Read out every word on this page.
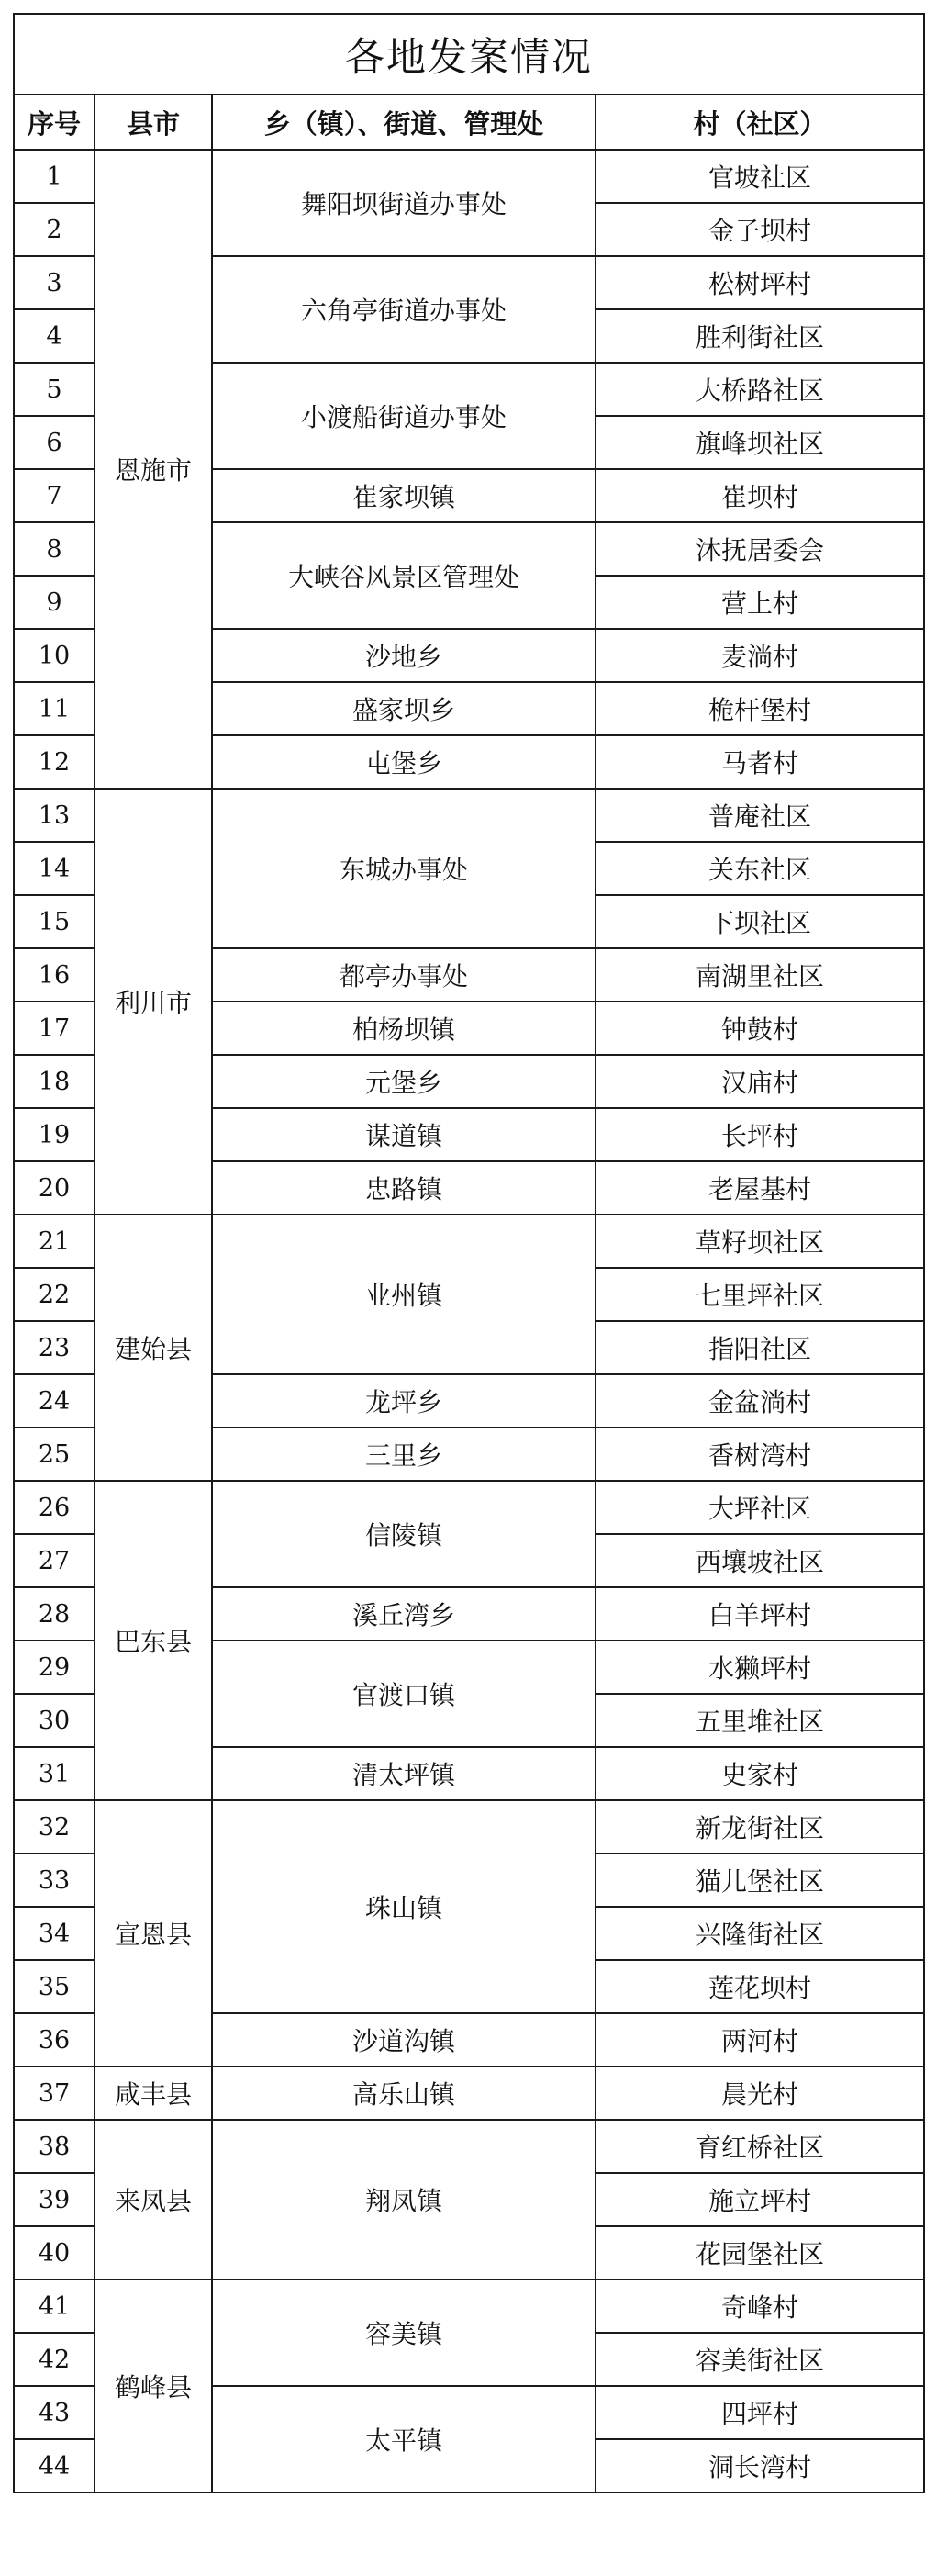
各地发案情况			
序号	县市	乡（镇）、街道、管理处	村（社区）
1	恩施市	舞阳坝街道办事处	官坡社区
2			金子坝村
3		六角亭街道办事处	松树坪村
4			胜利街社区
5		小渡船街道办事处	大桥路社区
6			旗峰坝社区
7		崔家坝镇	崔坝村
8		大峡谷风景区管理处	沐抚居委会
9			营上村
10		沙地乡	麦淌村
11		盛家坝乡	桅杆堡村
12		屯堡乡	马者村
13	利川市	东城办事处	普庵社区
14			关东社区
15			下坝社区
16		都亭办事处	南湖里社区
17		柏杨坝镇	钟鼓村
18		元堡乡	汉庙村
19		谋道镇	长坪村
20		忠路镇	老屋基村
21	建始县	业州镇	草籽坝社区
22			七里坪社区
23			指阳社区
24		龙坪乡	金盆淌村
25		三里乡	香树湾村
26	巴东县	信陵镇	大坪社区
27			西壤坡社区
28		溪丘湾乡	白羊坪村
29		官渡口镇	水獭坪村
30			五里堆社区
31		清太坪镇	史家村
32	宣恩县	珠山镇	新龙街社区
33			猫儿堡社区
34			兴隆街社区
35			莲花坝村
36		沙道沟镇	两河村
37	咸丰县	高乐山镇	晨光村
38	来凤县	翔凤镇	育红桥社区
39			施立坪村
40			花园堡社区
41	鹤峰县	容美镇	奇峰村
42			容美街社区
43		太平镇	四坪村
44			洞长湾村
